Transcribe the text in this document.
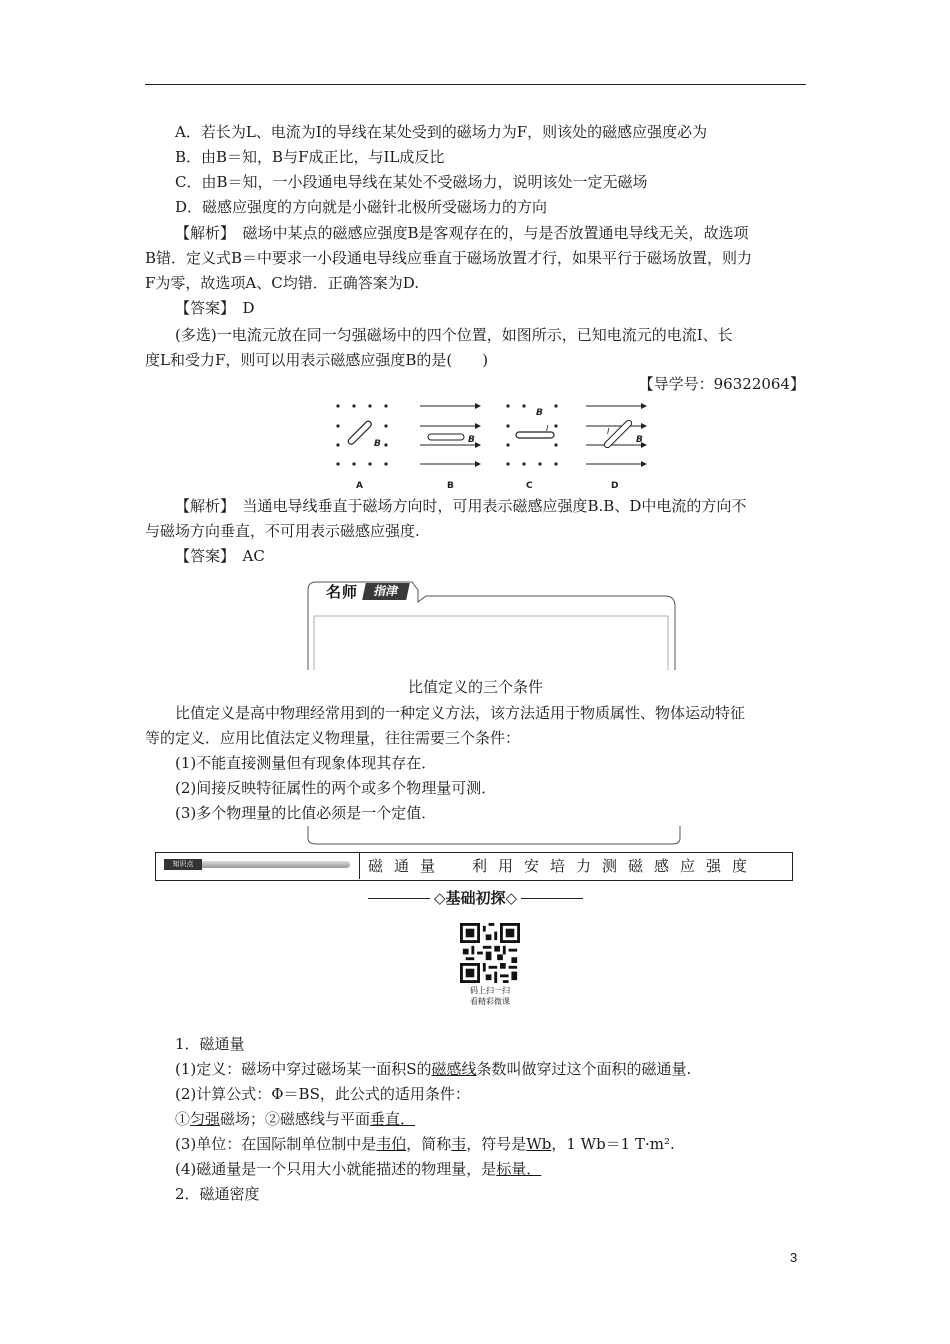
A．若长为L、电流为I的导线在某处受到的磁场力为F，则该处的磁感应强度必为
B．由B＝知，B与F成正比，与IL成反比
C．由B＝知，一小段通电导线在某处不受磁场力，说明该处一定无磁场
D．磁感应强度的方向就是小磁针北极所受磁场力的方向
【解析】　磁场中某点的磁感应强度B是客观存在的，与是否放置通电导线无关，故选项
B错．定义式B＝中要求一小段通电导线应垂直于磁场放置才行，如果平行于磁场放置，则力
F为零，故选项A、C均错．正确答案为D.
【答案】　D
(多选)一电流元放在同一匀强磁场中的四个位置，如图所示，已知电流元的电流I、长
度L和受力F，则可以用表示磁感应强度B的是(　　)
【导学号：96322064】
B
A
B
B
B
I
C
B
I
D
【解析】　当通电导线垂直于磁场方向时，可用表示磁感应强度B.B、D中电流的方向不
与磁场方向垂直，不可用表示磁感应强度.
【答案】　AC
名师	指津
比值定义的三个条件
比值定义是高中物理经常用到的一种定义方法，该方法适用于物质属性、物体运动特征
等的定义．应用比值法定义物理量，往往需要三个条件：
(1)不能直接测量但有现象体现其存在．
(2)间接反映特征属性的两个或多个物理量可测．
(3)多个物理量的比值必须是一个定值．
知识点	磁通量　利用安培力测磁感应强度
◇基础初探◇
码上扫一扫
看精彩微课
1．磁通量
(1)定义：磁场中穿过磁场某一面积S的磁感线条数叫做穿过这个面积的磁通量.
(2)计算公式：Φ＝BS，此公式的适用条件：
①匀强磁场；②磁感线与平面垂直．
(3)单位：在国际制单位制中是韦伯，简称韦，符号是Wb，1 Wb＝1 T·m².
(4)磁通量是一个只用大小就能描述的物理量，是标量．
2．磁通密度
3
